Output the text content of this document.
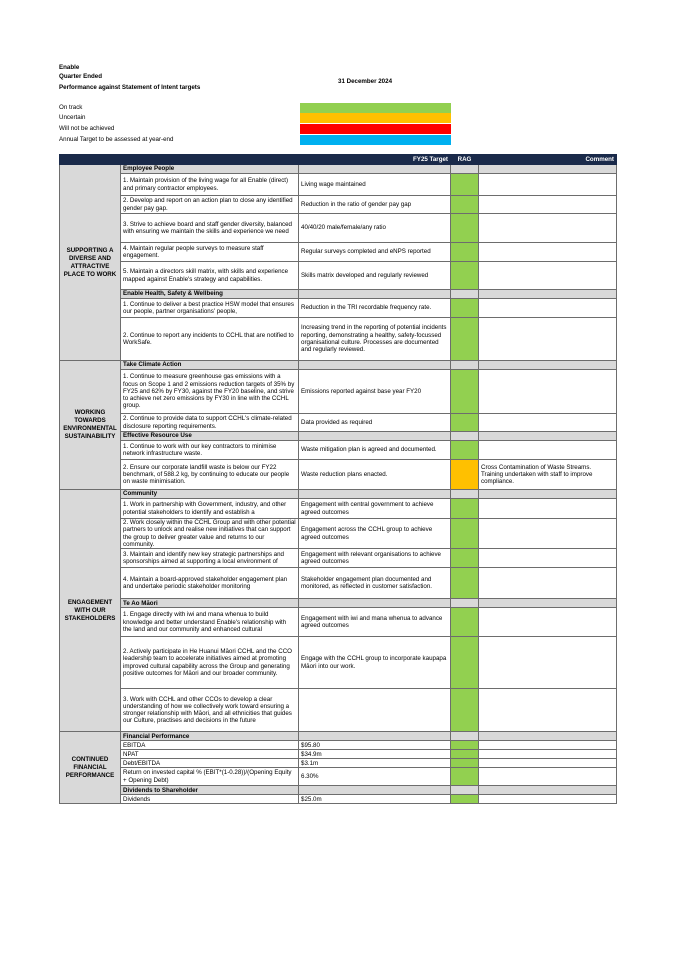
Enable
Quarter Ended
Performance against Statement of Intent targets
31 December 2024
On track
Uncertain
Will not be achieved
Annual Target to be assessed at year-end
		FY25 Target	RAG	Comment
SUPPORTING A DIVERSE AND ATTRACTIVE PLACE TO WORK	Employee People			
	1. Maintain provision of the living wage for all Enable (direct) and primary contractor employees.	Living wage maintained		
	2. Develop and report on an action plan to close any identified gender pay gap.	Reduction in the ratio of gender pay gap		
	3. Strive to achieve board and staff gender diversity, balanced with ensuring we maintain the skills and experience we need	40/40/20 male/female/any ratio		
	4. Maintain regular people surveys to measure staff engagement.	Regular surveys completed and eNPS reported		
	5. Maintain a directors skill matrix, with skills and experience mapped against Enable's strategy and capabilities.	Skills matrix developed and regularly reviewed		
	Enable Health, Safety & Wellbeing			
	1. Continue to deliver a best practice HSW model that ensures our people, partner organisations' people,	Reduction in the TRI recordable frequency rate.		
	2. Continue to report any incidents to CCHL that are notified to WorkSafe.	Increasing trend in the reporting of potential incidents reporting, demonstrating a healthy, safety-focussed organisational culture. Processes are documented and regularly reviewed.		
WORKING TOWARDS ENVIRONMENTAL SUSTAINABILITY	Take Climate Action			
	1. Continue to measure greenhouse gas emissions with a focus on Scope 1 and 2 emissions reduction targets of 35% by FY25 and 62% by FY30, against the FY20 baseline, and strive to achieve net zero emissions by FY30 in line with the CCHL group.	Emissions reported against base year FY20		
	2. Continue to provide data to support CCHL's climate-related disclosure reporting requirements.	Data provided as required		
	Effective Resource Use			
	1. Continue to work with our key contractors to minimise network infrastructure waste.	Waste mitigation plan is agreed and documented.		
	2. Ensure our corporate landfill waste is below our FY22 benchmark, of 588.2 kg, by continuing to educate our people on waste minimisation.	Waste reduction plans enacted.		Cross Contamination of Waste Streams. Training undertaken with staff to improve compliance.
ENGAGEMENT WITH OUR STAKEHOLDERS	Community			
	1. Work in partnership with Government, industry, and other potential stakeholders to identify and establish a	Engagement with central government to achieve agreed outcomes		
	2. Work closely within the CCHL Group and with other potential partners to unlock and realise new initiatives that can support the group to deliver greater value and returns to our community.	Engagement across the CCHL group to achieve agreed outcomes		
	3. Maintain and identify new key strategic partnerships and sponsorships aimed at supporting a local environment of	Engagement with relevant organisations to achieve agreed outcomes		
	4. Maintain a board-approved stakeholder engagement plan and undertake periodic stakeholder monitoring	Stakeholder engagement plan documented and monitored, as reflected in customer satisfaction.		
	Te Ao Māori			
	1. Engage directly with iwi and mana whenua to build knowledge and better understand Enable's relationship with the land and our community and enhanced cultural	Engagement with iwi and mana whenua to advance agreed outcomes		
	2. Actively participate in He Huanui Māori CCHL and the CCO leadership team to accelerate initiatives aimed at promoting improved cultural capability across the Group and generating positive outcomes for Māori and our broader community.	Engage with the CCHL group to incorporate kaupapa Māori into our work.		
	3. Work with CCHL and other CCOs to develop a clear understanding of how we collectively work toward ensuring a stronger relationship with Māori, and all ethnicities that guides our Culture, practises and decisions in the future			
CONTINUED FINANCIAL PERFORMANCE	Financial Performance			
	EBITDA	$95.80		
	NPAT	$34.9m		
	Debt/EBITDA	$3.1m		
	Return on invested capital % (EBIT*(1-0.28))/(Opening Equity + Opening Debt)	6.30%		
	Dividends to Shareholder			
	Dividends	$25.0m		
